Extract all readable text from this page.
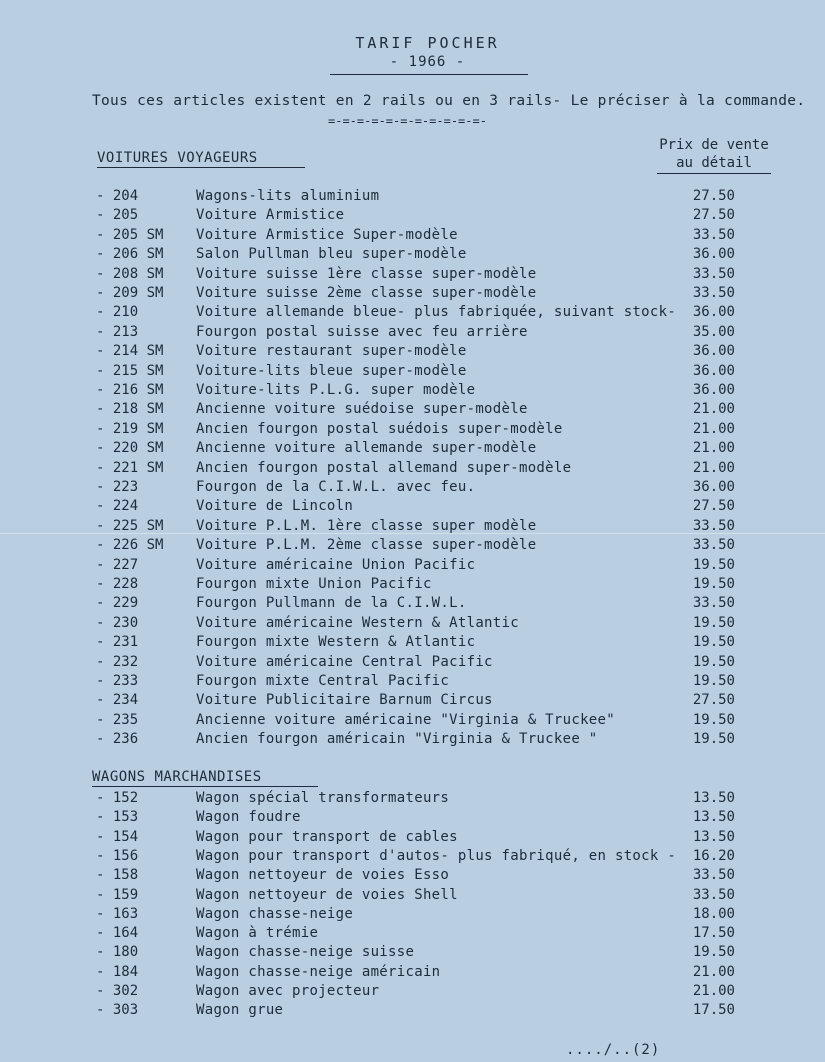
TARIF POCHER
- 1966 -
Tous ces articles existent en 2 rails ou en 3 rails- Le préciser à la commande.
=-=-=-=-=-=-=-=-=-=-=-
Prix de vente
au détail
VOITURES VOYAGEURS
WAGONS MARCHANDISES
- 204	Wagons-lits aluminium	27.50
- 205	Voiture Armistice	27.50
- 205 SM Voiture Armistice Super-modèle	33.50
- 206 SM Salon Pullman bleu super-modèle	36.00
- 208 SM Voiture suisse 1ère classe super-modèle	33.50
- 209 SM Voiture suisse 2ème classe super-modèle	33.50
- 210	Voiture allemande bleue- plus fabriquée, suivant stock-	36.00
- 213	Fourgon postal suisse avec feu arrière	35.00
- 214 SM Voiture restaurant super-modèle	36.00
- 215 SM Voiture-lits bleue super-modèle	36.00
- 216 SM Voiture-lits P.L.G. super modèle	36.00
- 218 SM Ancienne voiture suédoise super-modèle	21.00
- 219 SM Ancien fourgon postal suédois super-modèle	21.00
- 220 SM Ancienne voiture allemande super-modèle	21.00
- 221 SM Ancien fourgon postal allemand super-modèle	21.00
- 223	Fourgon de la C.I.W.L. avec feu.	36.00
- 224	Voiture de Lincoln	27.50
- 225 SM Voiture P.L.M. 1ère classe super modèle	33.50
- 226 SM Voiture P.L.M. 2ème classe super-modèle	33.50
- 227	Voiture américaine Union Pacific	19.50
- 228	Fourgon mixte Union Pacific	19.50
- 229	Fourgon Pullmann de la C.I.W.L.	33.50
- 230	Voiture américaine Western & Atlantic	19.50
- 231	Fourgon mixte Western & Atlantic	19.50
- 232	Voiture américaine Central Pacific	19.50
- 233	Fourgon mixte Central Pacific	19.50
- 234	Voiture Publicitaire Barnum Circus	27.50
- 235	Ancienne voiture américaine "Virginia & Truckee"	19.50
- 236	Ancien fourgon américain "Virginia & Truckee "	19.50
- 152	Wagon spécial transformateurs	13.50
- 153	Wagon foudre	13.50
- 154	Wagon pour transport de cables	13.50
- 156	Wagon pour transport d'autos- plus fabriqué, en stock -	16.20
- 158	Wagon nettoyeur de voies Esso	33.50
- 159	Wagon nettoyeur de voies Shell	33.50
- 163	Wagon chasse-neige	18.00
- 164	Wagon à trémie	17.50
- 180	Wagon chasse-neige suisse	19.50
- 184	Wagon chasse-neige américain	21.00
- 302	Wagon avec projecteur	21.00
- 303	Wagon grue	17.50
..../..(2)
